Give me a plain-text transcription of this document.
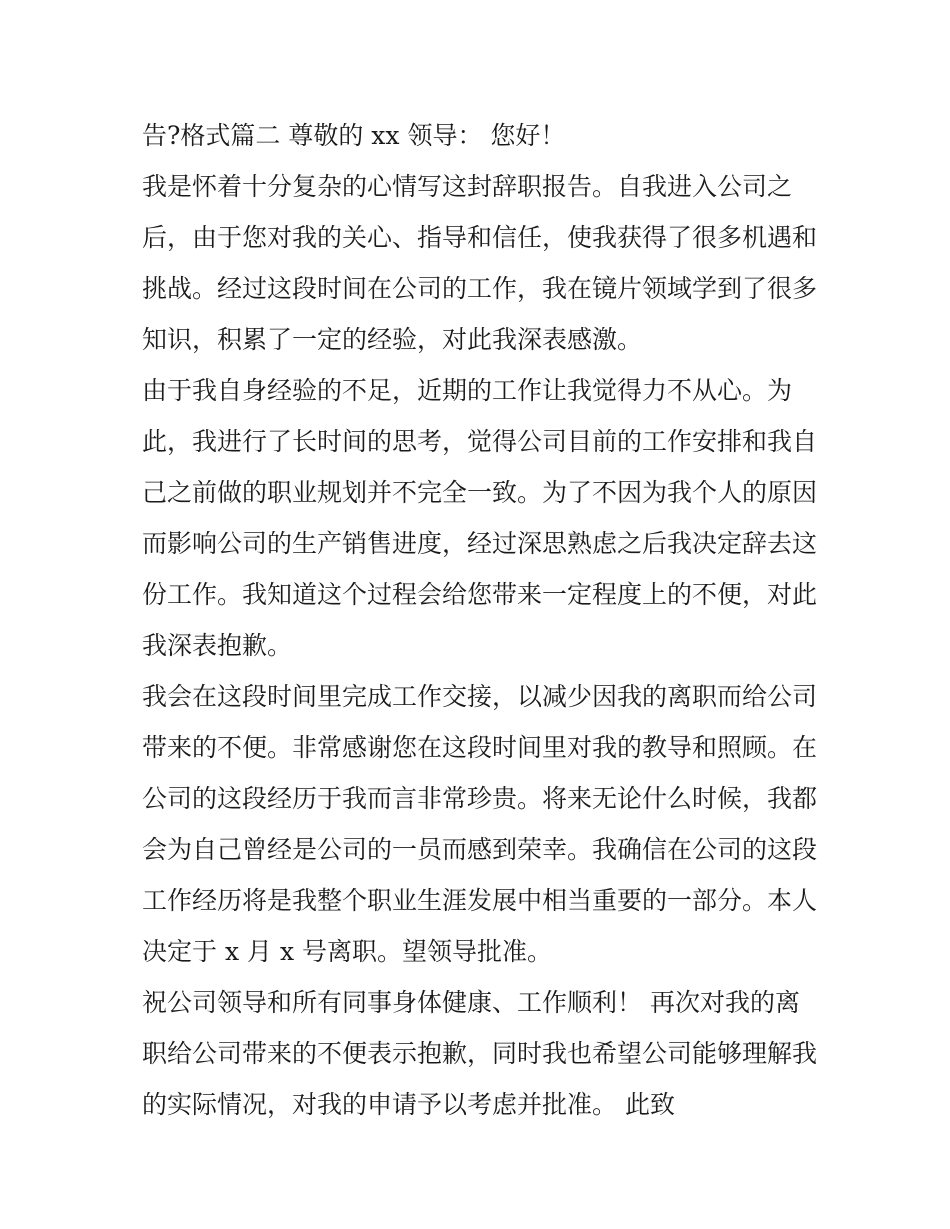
告?格式篇二 尊敬的 xx 领导： 您好！
我是怀着十分复杂的心情写这封辞职报告。自我进入公司之
后，由于您对我的关心、指导和信任，使我获得了很多机遇和
挑战。经过这段时间在公司的工作，我在镜片领域学到了很多
知识，积累了一定的经验，对此我深表感激。
由于我自身经验的不足，近期的工作让我觉得力不从心。为
此，我进行了长时间的思考，觉得公司目前的工作安排和我自
己之前做的职业规划并不完全一致。为了不因为我个人的原因
而影响公司的生产销售进度，经过深思熟虑之后我决定辞去这
份工作。我知道这个过程会给您带来一定程度上的不便，对此
我深表抱歉。
我会在这段时间里完成工作交接，以减少因我的离职而给公司
带来的不便。非常感谢您在这段时间里对我的教导和照顾。在
公司的这段经历于我而言非常珍贵。将来无论什么时候，我都
会为自己曾经是公司的一员而感到荣幸。我确信在公司的这段
工作经历将是我整个职业生涯发展中相当重要的一部分。本人
决定于 x 月 x 号离职。望领导批准。
祝公司领导和所有同事身体健康、工作顺利！ 再次对我的离
职给公司带来的不便表示抱歉，同时我也希望公司能够理解我
的实际情况，对我的申请予以考虑并批准。 此致
